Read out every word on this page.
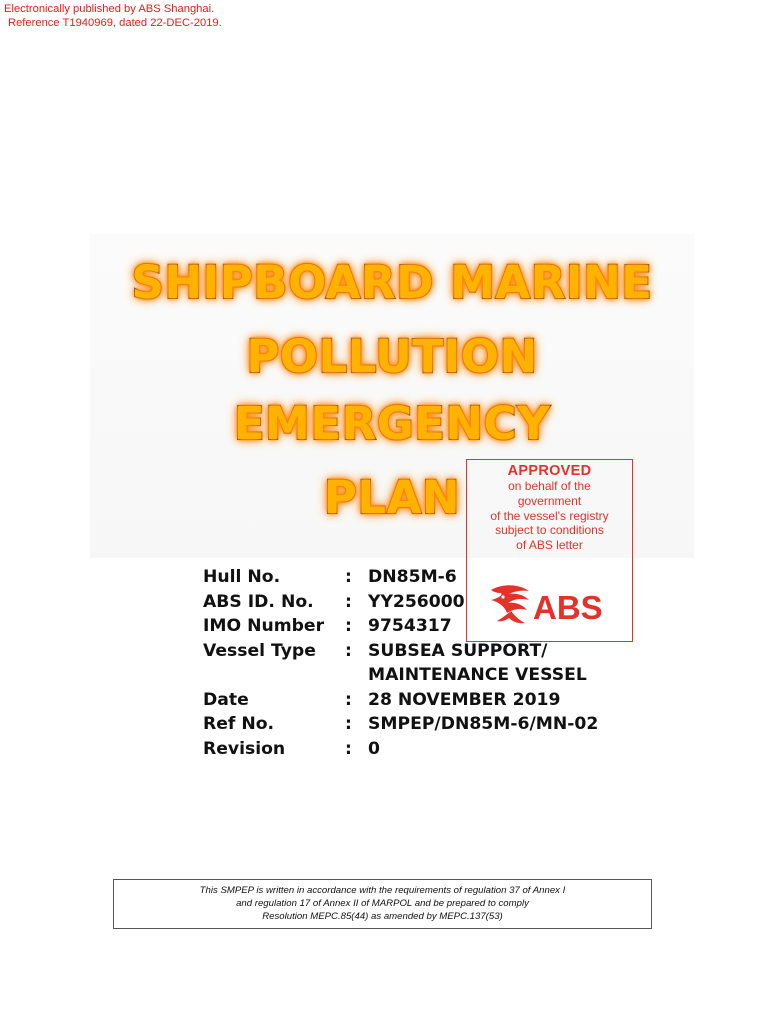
Electronically published by ABS Shanghai.
Reference T1940969, dated 22-DEC-2019.
SHIPBOARD MARINE
POLLUTION
EMERGENCY
PLAN	APPROVED
on behalf of the
government
of the vessel's registry
subject to conditions
of ABS letter
ABS
Hull No.	: DN85M-6
ABS ID. No. : YY256000
IMO Number : 9754317
Vessel Type : SUBSEA SUPPORT/
MAINTENANCE VESSEL
Date	: 28 NOVEMBER 2019
Ref No.	: SMPEP/DN85M-6/MN-02
Revision	: 0
This SMPEP is written in accordance with the requirements of regulation 37 of Annex I
and regulation 17 of Annex II of MARPOL and be prepared to comply
Resolution MEPC.85(44) as amended by MEPC.137(53)
